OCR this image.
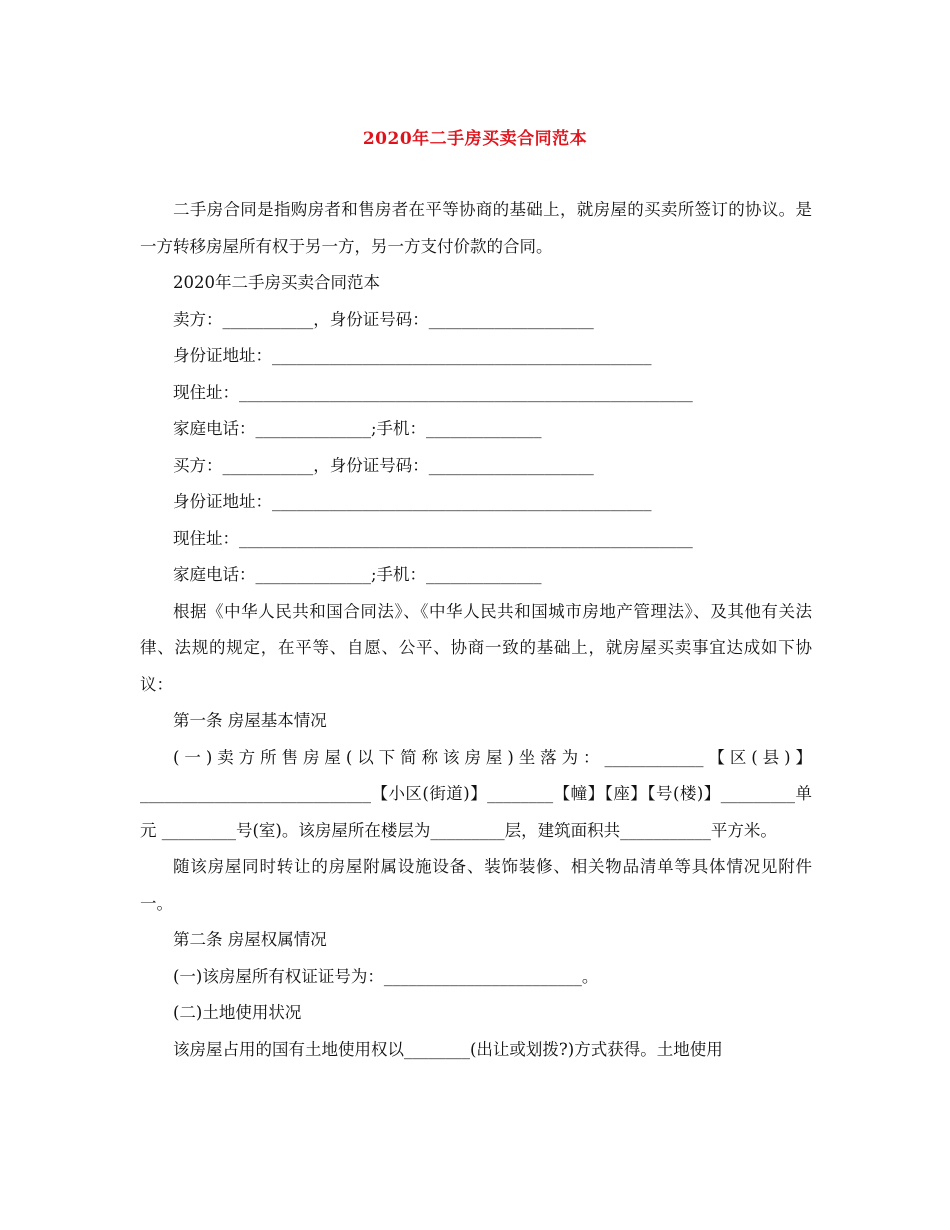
2020年二手房买卖合同范本

二手房合同是指购房者和售房者在平等协商的基础上，就房屋的买卖所签订的协议。是一方转移房屋所有权于另一方，另一方支付价款的合同。

2020年二手房买卖合同范本

卖方：___________，身份证号码：____________________

身份证地址：______________________________________________

现住址：_______________________________________________________

家庭电话：______________;手机：______________

买方：___________，身份证号码：____________________

身份证地址：______________________________________________

现住址：_______________________________________________________

家庭电话：______________;手机：______________

根据《中华人民共和国合同法》、《中华人民共和国城市房地产管理法》、及其他有关法律、法规的规定，在平等、自愿、公平、协商一致的基础上，就房屋买卖事宜达成如下协议：

第一条 房屋基本情况

(一)卖方所售房屋(以下简称该房屋)坐落为：____________【区(县)】____________________________【小区(街道)】________【幢】【座】【号(楼)】_________单元 _________号(室)。该房屋所在楼层为_________层，建筑面积共___________平方米。

随该房屋同时转让的房屋附属设施设备、装饰装修、相关物品清单等具体情况见附件一。

第二条 房屋权属情况

(一)该房屋所有权证证号为：________________________。

(二)土地使用状况

该房屋占用的国有土地使用权以________(出让或划拨?)方式获得。土地使用
